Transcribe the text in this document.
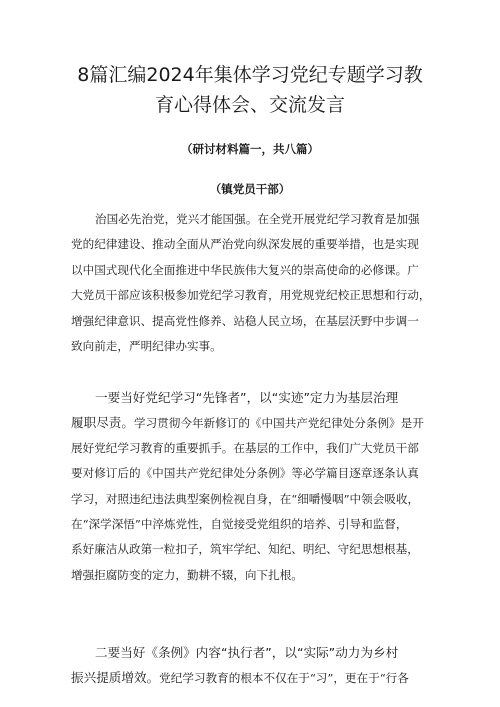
8篇汇编2024年集体学习党纪专题学习教
育心得体会、交流发言
（研讨材料篇一，共八篇）
（镇党员干部）
治国必先治党，党兴才能国强。在全党开展党纪学习教育是加强
党的纪律建设、推动全面从严治党向纵深发展的重要举措，也是实现
以中国式现代化全面推进中华民族伟大复兴的崇高使命的必修课。广
大党员干部应该积极参加党纪学习教育，用党规党纪校正思想和行动，
增强纪律意识、提高党性修养、站稳人民立场，在基层沃野中步调一
致向前走，严明纪律办实事。
一要当好党纪学习“先锋者”，以“实迹”定力为基层治理
履职尽责。学习贯彻今年新修订的《中国共产党纪律处分条例》是开
展好党纪学习教育的重要抓手。在基层的工作中，我们广大党员干部
要对修订后的《中国共产党纪律处分条例》等必学篇目逐章逐条认真
学习，对照违纪违法典型案例检视自身，在“细嚼慢咽”中领会吸收，
在“深学深悟”中淬炼党性，自觉接受党组织的培养、引导和监督，
系好廉洁从政第一粒扣子，筑牢学纪、知纪、明纪、守纪思想根基，
增强拒腐防变的定力，勤耕不辍，向下扎根。
二要当好《条例》内容“执行者”，以“实际”动力为乡村
振兴提质增效。党纪学习教育的根本不仅在于“习”，更在于“行各
